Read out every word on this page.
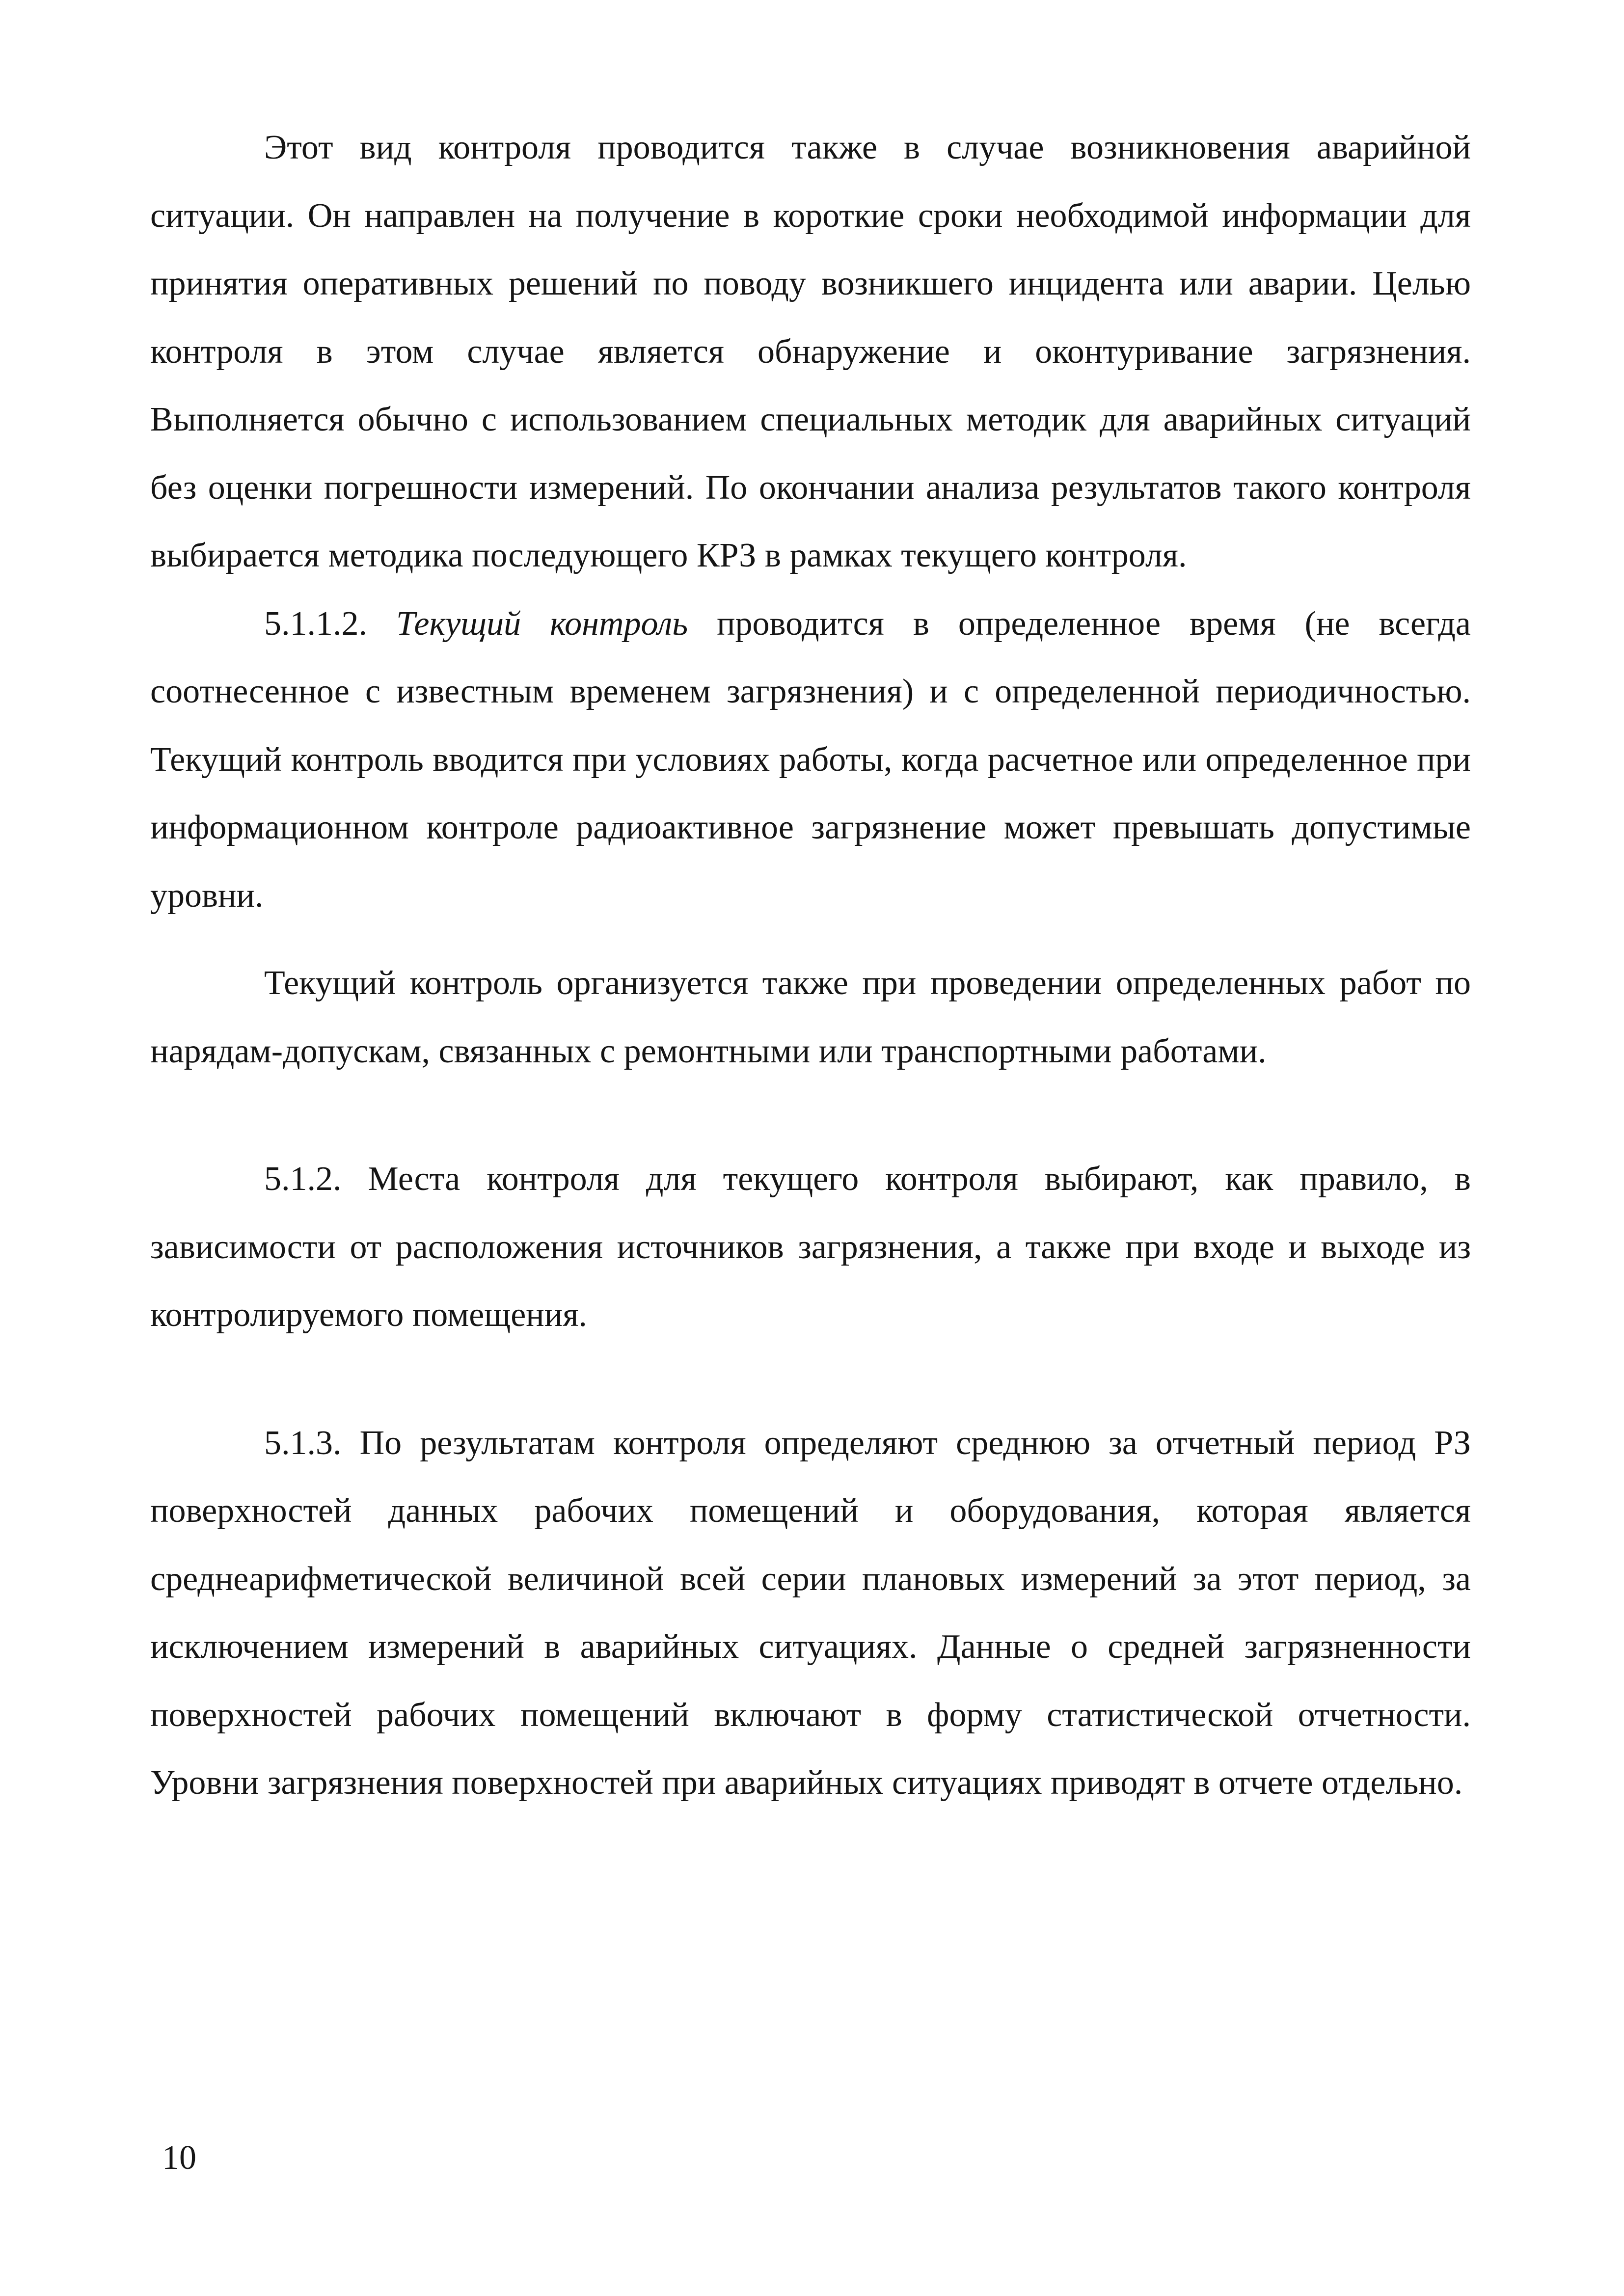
Этот вид контроля проводится также в случае возникновения аварийной ситуации. Он направлен на получение в короткие сроки необходимой информации для принятия оперативных решений по поводу возникшего инцидента или аварии. Целью контроля в этом случае является обнаружение и оконтуривание загрязнения. Выполняется обычно с использованием специальных методик для аварийных ситуаций без оценки погрешности измерений. По окончании анализа результатов такого контроля выбирается методика последующего КРЗ в рамках текущего контроля.

5.1.1.2. Текущий контроль проводится в определенное время (не всегда соотнесенное с известным временем загрязнения) и с определенной периодичностью. Текущий контроль вводится при условиях работы, когда расчетное или определенное при информационном контроле радиоактивное загрязнение может превышать допустимые уровни.

Текущий контроль организуется также при проведении определенных работ по нарядам-допускам, связанных с ремонтными или транспортными работами.

5.1.2. Места контроля для текущего контроля выбирают, как правило, в зависимости от расположения источников загрязнения, а также при входе и выходе из контролируемого помещения.

5.1.3. По результатам контроля определяют среднюю за отчетный период РЗ поверхностей данных рабочих помещений и оборудования, которая является среднеарифметической величиной всей серии плановых измерений за этот период, за исключением измерений в аварийных ситуациях. Данные о средней загрязненности поверхностей рабочих помещений включают в форму статистической отчетности. Уровни загрязнения поверхностей при аварийных ситуациях приводят в отчете отдельно.

10
